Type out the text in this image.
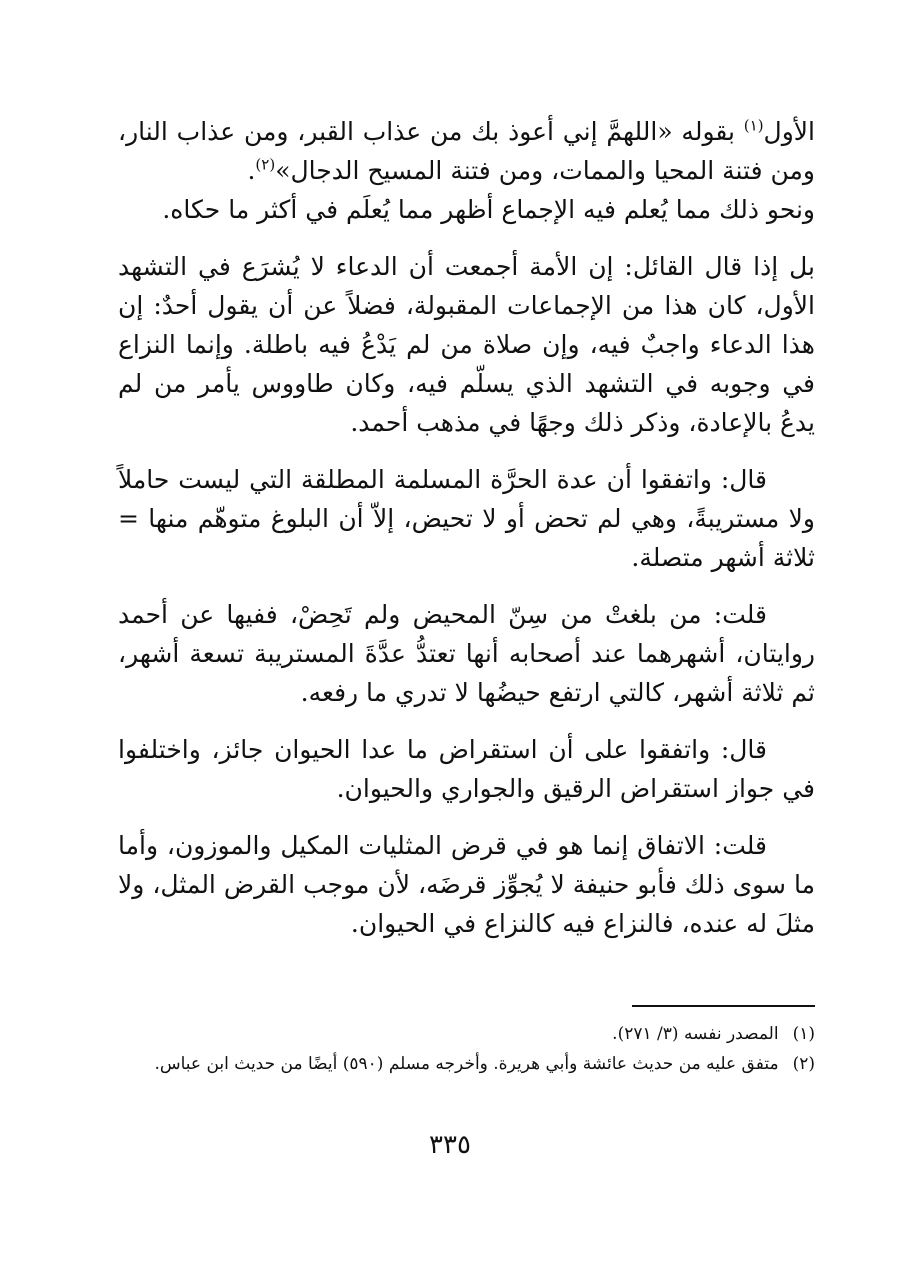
الأول$^{(١)}$ بقوله «اللهمَّ إني أعوذ بك من عذاب القبر، ومن عذاب النار، ومن فتنة المحيا والممات، ومن فتنة المسيح الدجال»$^{(٢)}$.

ونحو ذلك مما يُعلم فيه الإجماع أظهر مما يُعلَم في أكثر ما حكاه.

بل إذا قال القائل: إن الأمة أجمعت أن الدعاء لا يُشرَع في التشهد الأول، كان هذا من الإجماعات المقبولة، فضلاً عن أن يقول أحدٌ: إن هذا الدعاء واجبٌ فيه، وإن صلاة من لم يَدْعُ فيه باطلة. وإنما النزاع في وجوبه في التشهد الذي يسلّم فيه، وكان طاووس يأمر من لم يدعُ بالإعادة، وذكر ذلك وجهًا في مذهب أحمد.

قال: واتفقوا أن عدة الحرَّة المسلمة المطلقة التي ليست حاملاً ولا مستريبةً، وهي لم تحض أو لا تحيض، إلاّ أن البلوغ متوهّم منها = ثلاثة أشهر متصلة.

قلت: من بلغتْ من سِنّ المحيض ولم تَحِضْ، ففيها عن أحمد روايتان، أشهرهما عند أصحابه أنها تعتدُّ عدَّةَ المستريبة تسعة أشهر، ثم ثلاثة أشهر، كالتي ارتفع حيضُها لا تدري ما رفعه.

قال: واتفقوا على أن استقراض ما عدا الحيوان جائز، واختلفوا في جواز استقراض الرقيق والجواري والحيوان.

قلت: الاتفاق إنما هو في قرض المثليات المكيل والموزون، وأما ما سوى ذلك فأبو حنيفة لا يُجوِّز قرضَه، لأن موجب القرض المثل، ولا مثلَ له عنده، فالنزاع فيه كالنزاع في الحيوان.

(١)
المصدر نفسه (٣/ ٢٧١).
(٢)
متفق عليه من حديث عائشة وأبي هريرة. وأخرجه مسلم (٥٩٠) أيضًا من حديث ابن عباس.
٣٣٥
